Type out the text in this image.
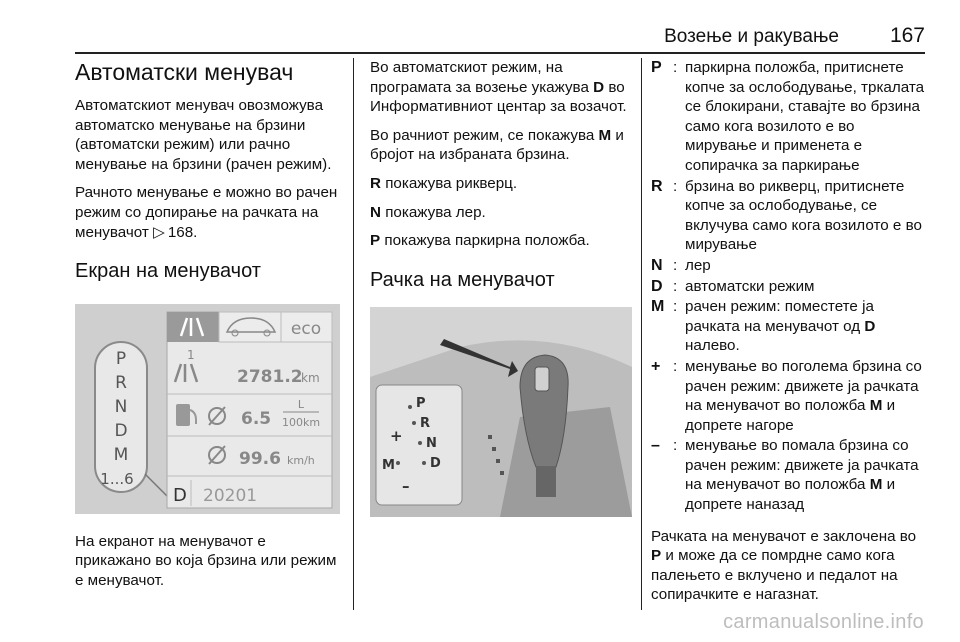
Возење и ракување 167
Автоматски менувач

Автоматскиот менувач овозможува автоматско менување на брзини (автоматски режим) или рачно менување на брзини (рачен режим).

Рачното менување е можно во рачен режим со допирање на рачката на менувачот ▷ 168.

Екран на менувачот
P
R
N
D
M
1...6
eco
1
2781.2
km
6.5
L
100km
99.6 km/h
D 20201

На екранот на менувачот е прикажано во која брзина или режим е менувачот.

Во автоматскиот режим, на програмата за возење укажува D во Информативниот центар за возачот.

Во рачниот режим, се покажува M и бројот на избраната брзина.

R покажува рикверц.

N покажува лер.

P покажува паркирна положба.

Рачка на менувачот
P
R
N
D
M
+
–
P : паркирна положба, притиснете копче за ослободување, тркалата се блокирани, ставајте во брзина само кога возилото е во мирување и применета е сопирачка за паркирање
R : брзина во рикверц, притиснете копче за ослободување, се вклучува само кога возилото е во мирување
N : лер
D : автоматски режим
M : рачен режим: поместете ја рачката на менувачот од D налево.
+ : менување во поголема брзина со рачен режим: движете ја рачката на менувачот во положба M и допрете нагоре
– : менување во помала брзина со рачен режим: движете ја рачката на менувачот во положба M и допрете наназад

Рачката на менувачот е заклочена во P и може да се помрдне само кога палењето е вклучено и педалот на сопирачките е нагазнат.

carmanualsonline.info
